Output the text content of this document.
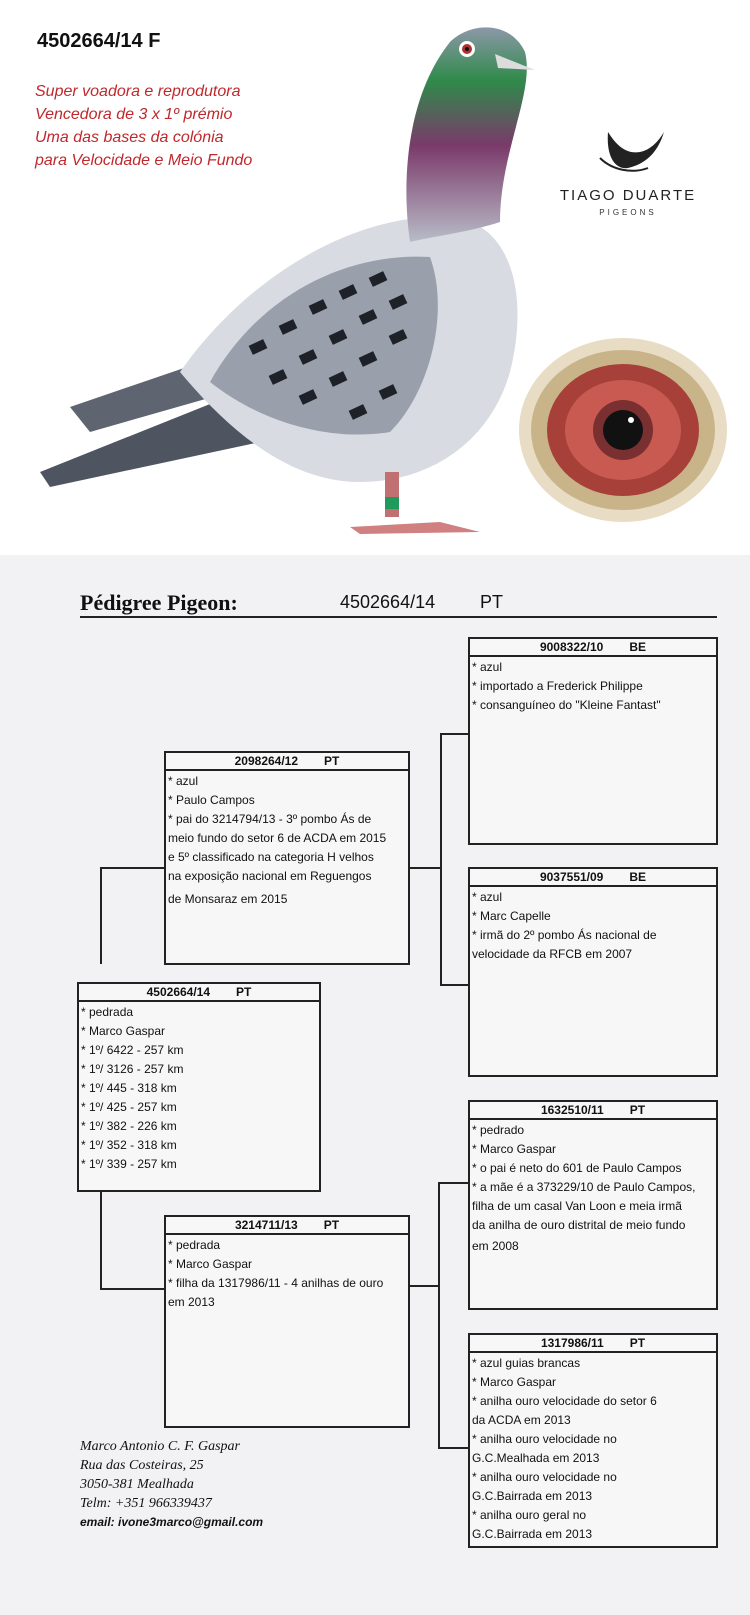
4502664/14 F
Super voadora e reprodutora
Vencedora de 3 x 1º prémio
Uma das bases da colónia
para Velocidade e Meio Fundo
TIAGO DUARTE
PIGEONS
Pédigree Pigeon:	4502664/14 PT
9008322/10 BE
* azul
* importado a Frederick Philippe
* consanguíneo do "Kleine Fantast"
2098264/12 PT
* azul
* Paulo Campos
* pai do 3214794/13 - 3º pombo Ás de
meio fundo do setor 6 de ACDA em 2015
e 5º classificado na categoria H velhos
na exposição nacional em Reguengos
de Monsaraz em 2015
9037551/09 BE
* azul
* Marc Capelle
* irmã do 2º pombo Ás nacional de
velocidade da RFCB em 2007
4502664/14 PT
* pedrada
* Marco Gaspar
* 1º/ 6422 - 257 km
* 1º/ 3126 - 257 km
* 1º/ 445 - 318 km
* 1º/ 425 - 257 km
* 1º/ 382 - 226 km
* 1º/ 352 - 318 km
* 1º/ 339 - 257 km
1632510/11 PT
* pedrado
* Marco Gaspar
* o pai é neto do 601 de Paulo Campos
* a mãe é a 373229/10 de Paulo Campos,
filha de um casal Van Loon e meia irmã
da anilha de ouro distrital de meio fundo
em 2008
3214711/13 PT
* pedrada
* Marco Gaspar
* filha da 1317986/11 - 4 anilhas de ouro
em 2013
1317986/11 PT
* azul guias brancas
* Marco Gaspar
* anilha ouro velocidade do setor 6
da ACDA em 2013
* anilha ouro velocidade no
G.C.Mealhada em 2013
* anilha ouro velocidade no
G.C.Bairrada em 2013
* anilha ouro geral no
G.C.Bairrada em 2013
Marco Antonio C. F. Gaspar
Rua das Costeiras, 25
3050-381 Mealhada
Telm: +351 966339437
email: ivone3marco@gmail.com
